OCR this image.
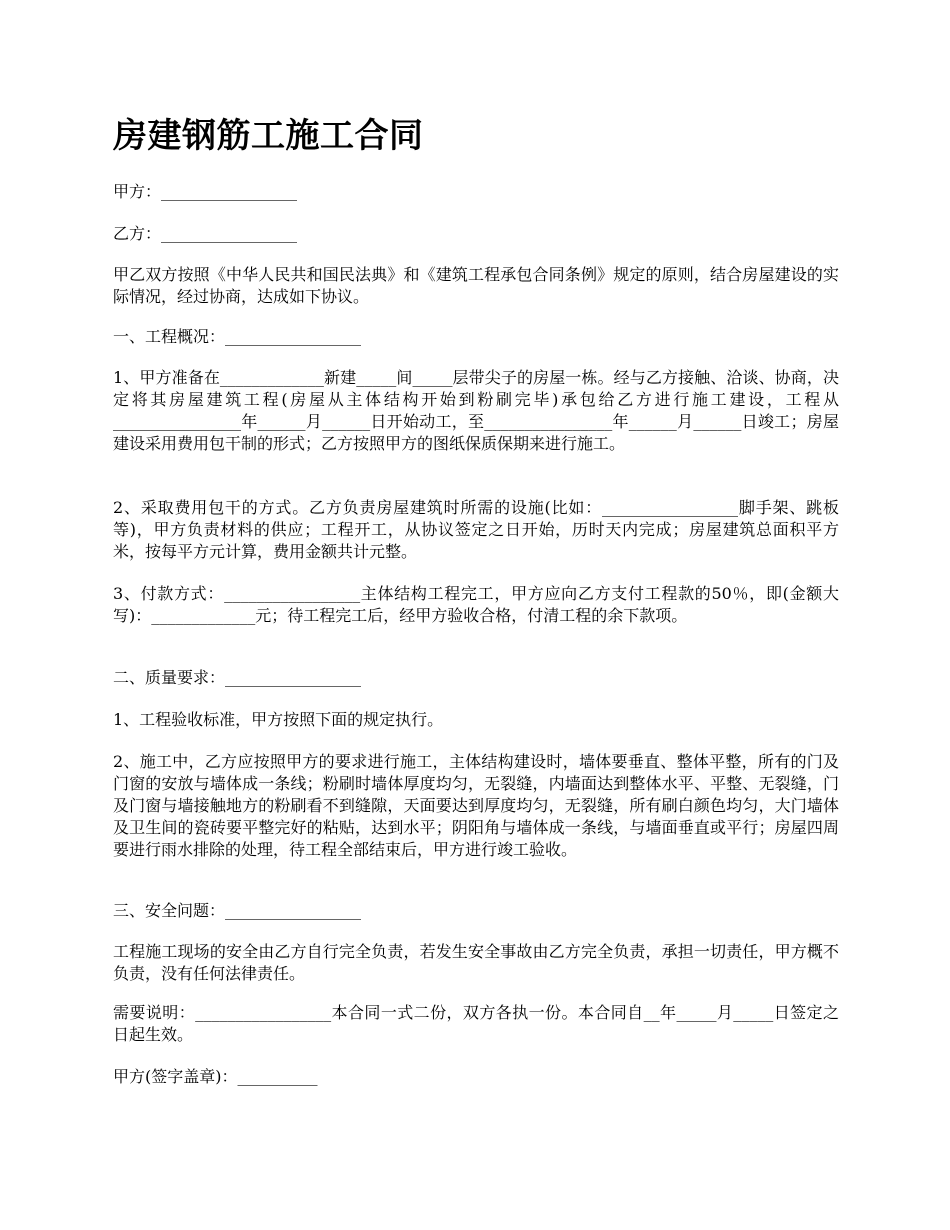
房建钢筋工施工合同

甲方：_________________

乙方：_________________

甲乙双方按照《中华人民共和国民法典》和《建筑工程承包合同条例》规定的原则，结合房屋建设的实际情况，经过协商，达成如下协议。

一、工程概况：_________________

1、甲方准备在_____________新建_____间_____层带尖子的房屋一栋。经与乙方接触、洽谈、协商，决定将其房屋建筑工程(房屋从主体结构开始到粉刷完毕)承包给乙方进行施工建设，工程从________________年______月______日开始动工，至________________年______月______日竣工；房屋建设采用费用包干制的形式；乙方按照甲方的图纸保质保期来进行施工。

2、采取费用包干的方式。乙方负责房屋建筑时所需的设施(比如：_________________脚手架、跳板等)，甲方负责材料的供应；工程开工，从协议签定之日开始，历时天内完成；房屋建筑总面积平方米，按每平方元计算，费用金额共计元整。

3、付款方式：_________________主体结构工程完工，甲方应向乙方支付工程款的50％，即(金额大写)：_____________元；待工程完工后，经甲方验收合格，付清工程的余下款项。

二、质量要求：_________________

1、工程验收标准，甲方按照下面的规定执行。

2、施工中，乙方应按照甲方的要求进行施工，主体结构建设时，墙体要垂直、整体平整，所有的门及门窗的安放与墙体成一条线；粉刷时墙体厚度均匀，无裂缝，内墙面达到整体水平、平整、无裂缝，门及门窗与墙接触地方的粉刷看不到缝隙，天面要达到厚度均匀，无裂缝，所有刷白颜色均匀，大门墙体及卫生间的瓷砖要平整完好的粘贴，达到水平；阴阳角与墙体成一条线，与墙面垂直或平行；房屋四周要进行雨水排除的处理，待工程全部结束后，甲方进行竣工验收。

三、安全问题：_________________

工程施工现场的安全由乙方自行完全负责，若发生安全事故由乙方完全负责，承担一切责任，甲方概不负责，没有任何法律责任。

需要说明：_________________本合同一式二份，双方各执一份。本合同自__年_____月_____日签定之日起生效。

甲方(签字盖章)：__________
